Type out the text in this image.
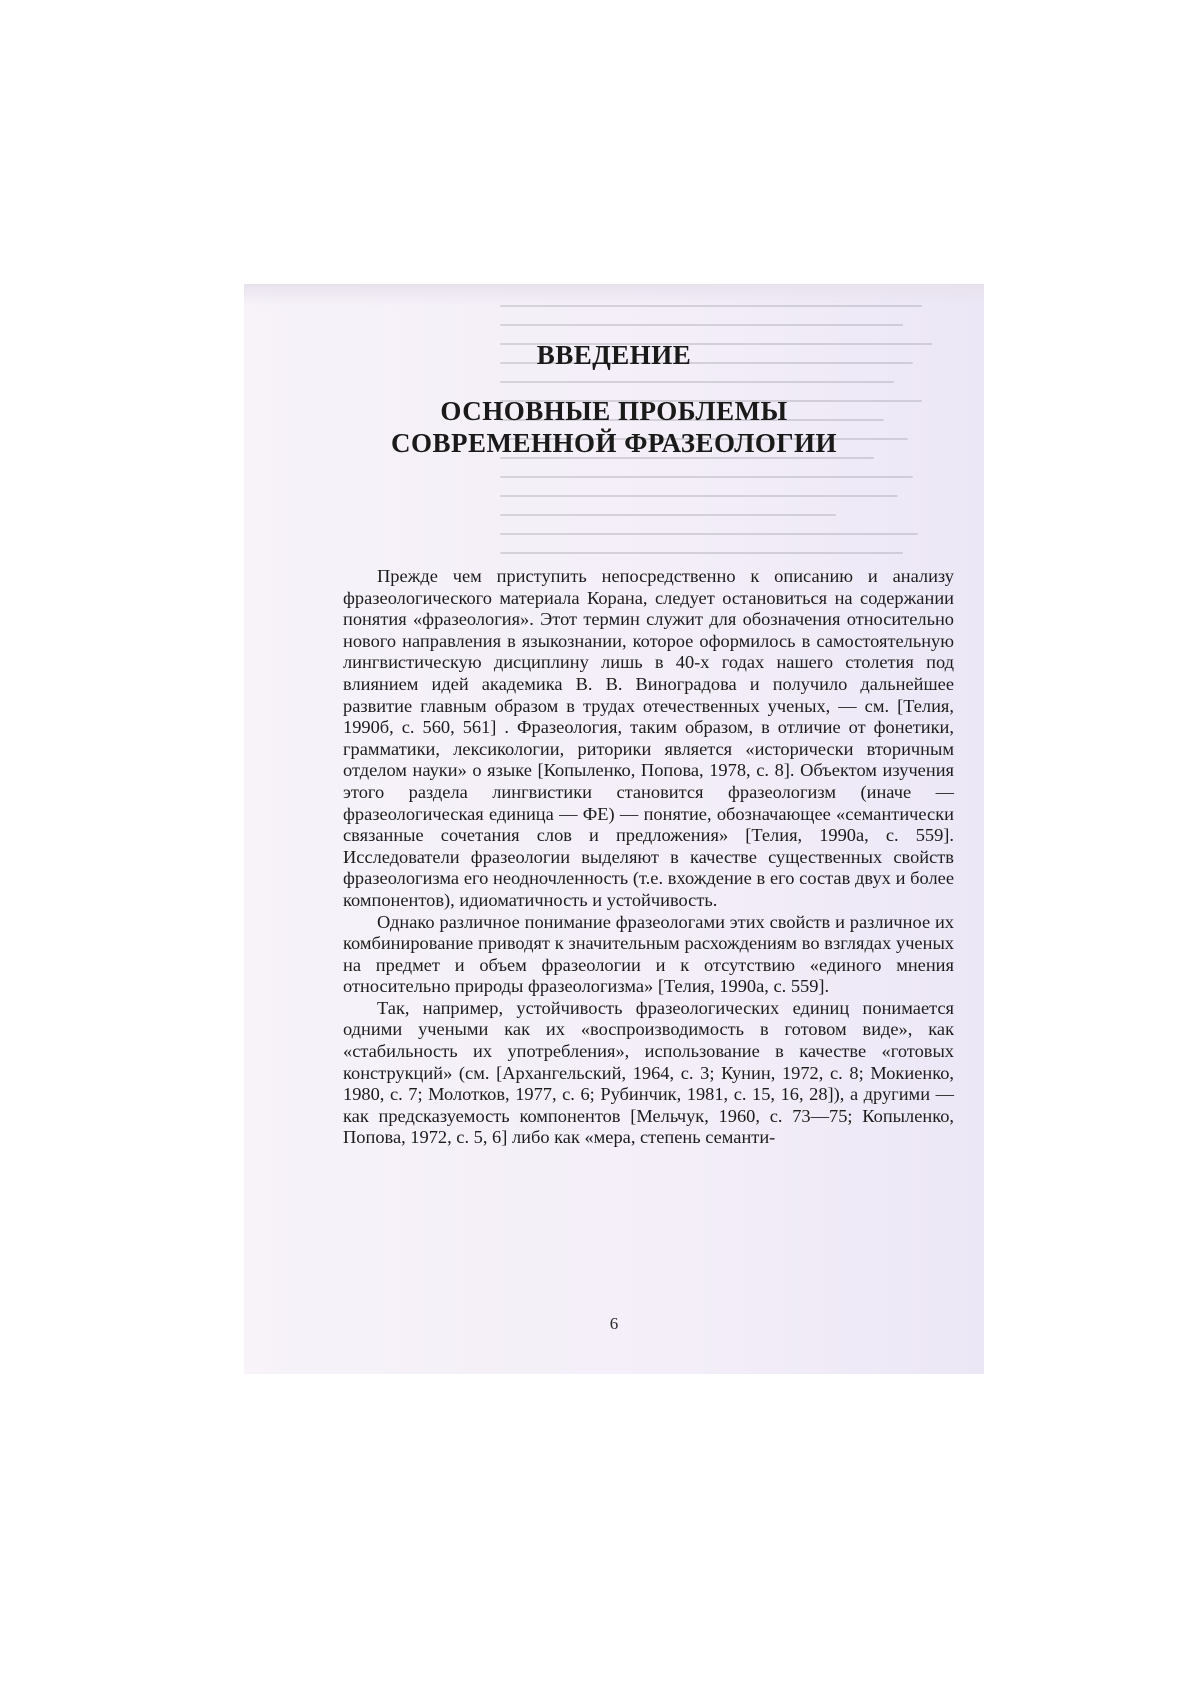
ВВЕДЕНИЕ
ОСНОВНЫЕ ПРОБЛЕМЫ
СОВРЕМЕННОЙ ФРАЗЕОЛОГИИ

Прежде чем приступить непосредственно к описанию и анализу фразеологического материала Корана, следует остановиться на содержании понятия «фразеология». Этот термин служит для обозначения относительно нового направления в языкознании, которое оформилось в самостоятельную лингвистическую дисциплину лишь в 40-х годах нашего столетия под влиянием идей академика В. В. Виноградова и получило дальнейшее развитие главным образом в трудах отечественных ученых, — см. [Телия, 1990б, с. 560, 561] . Фразеология, таким образом, в отличие от фонетики, грамматики, лексикологии, риторики является «исторически вторичным отделом науки» о языке [Копыленко, Попова, 1978, с. 8]. Объектом изучения этого раздела лингвистики становится фразеологизм (иначе — фразеологическая единица — ФЕ) — понятие, обозначающее «семантически связанные сочетания слов и предложения» [Телия, 1990а, с. 559]. Исследователи фразеологии выделяют в качестве существенных свойств фразеологизма его неодночленность (т.е. вхождение в его состав двух и более компонентов), идиоматичность и устойчивость.

Однако различное понимание фразеологами этих свойств и различное их комбинирование приводят к значительным расхождениям во взглядах ученых на предмет и объем фразеологии и к отсутствию «единого мнения относительно природы фразеологизма» [Телия, 1990а, с. 559].

Так, например, устойчивость фразеологических единиц понимается одними учеными как их «воспроизводимость в готовом виде», как «стабильность их употребления», использование в качестве «готовых конструкций» (см. [Архангельский, 1964, с. 3; Кунин, 1972, с. 8; Мокиенко, 1980, с. 7; Молотков, 1977, с. 6; Рубинчик, 1981, с. 15, 16, 28]), а другими — как предсказуемость компонентов [Мельчук, 1960, с. 73—75; Копыленко, Попова, 1972, с. 5, 6] либо как «мера, степень семанти-

6
